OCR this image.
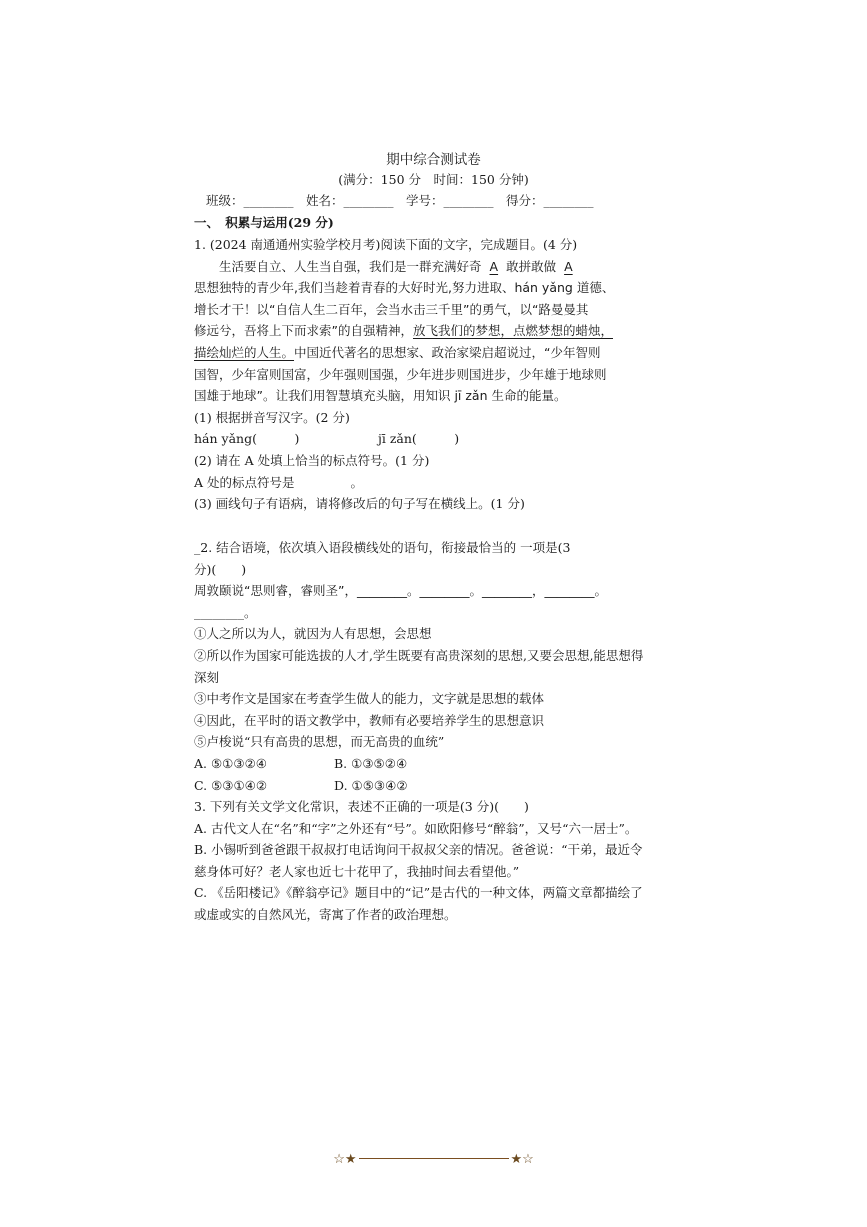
期中综合测试卷
(满分：150 分　时间：150 分钟)
班级：________　姓名：________　学号：________　得分：________
一、　积累与运用(29 分)
1. (2024 南通通州实验学校月考)阅读下面的文字，完成题目。(4 分)
生活要自立、人生当自强，我们是一群充满好奇 A 敢拼敢做 A
思想独特的青少年,我们当趁着青春的大好时光,努力进取、hán yǎng 道德、
增长才干！以“自信人生二百年，会当水击三千里”的勇气，以“路曼曼其
修远兮，吾将上下而求索”的自强精神，放飞我们的梦想，点燃梦想的蜡烛，
描绘灿烂的人生。中国近代著名的思想家、政治家梁启超说过，“少年智则
国智，少年富则国富，少年强则国强，少年进步则国进步，少年雄于地球则
国雄于地球”。让我们用智慧填充头脑，用知识 jī zǎn 生命的能量。
(1) 根据拼音写汉字。(2 分)
hán yǎng(　　　)	jī zǎn(　　　)
(2) 请在 A 处填上恰当的标点符号。(1 分)
A 处的标点符号是	。
(3) 画线句子有语病，请将修改后的句子写在横线上。(1 分)
_2. 结合语境，依次填入语段横线处的语句，衔接最恰当的 一项是(3
分)(　　)
周敦颐说“思则睿，睿则圣”，________。________。________，________。
________。
①人之所以为人，就因为人有思想，会思想
②所以作为国家可能选拔的人才,学生既要有高贵深刻的思想,又要会思想,能思想得深刻
③中考作文是国家在考查学生做人的能力，文字就是思想的载体
④因此，在平时的语文教学中，教师有必要培养学生的思想意识
⑤卢梭说“只有高贵的思想，而无高贵的血统”
A. ⑤①③②④	B. ①③⑤②④
C. ⑤③①④②	D. ①⑤③④②
3. 下列有关文学文化常识，表述不正确的一项是(3 分)(　　)
A. 古代文人在“名”和“字”之外还有“号”。如欧阳修号“醉翁”，又号“六一居士”。
B. 小锡听到爸爸跟干叔叔打电话询问干叔叔父亲的情况。爸爸说：“干弟，最近令慈身体可好？老人家也近七十花甲了，我抽时间去看望他。”
C. 《岳阳楼记》《醉翁亭记》题目中的“记”是古代的一种文体，两篇文章都描绘了或虚或实的自然风光，寄寓了作者的政治理想。
☆★	★☆
